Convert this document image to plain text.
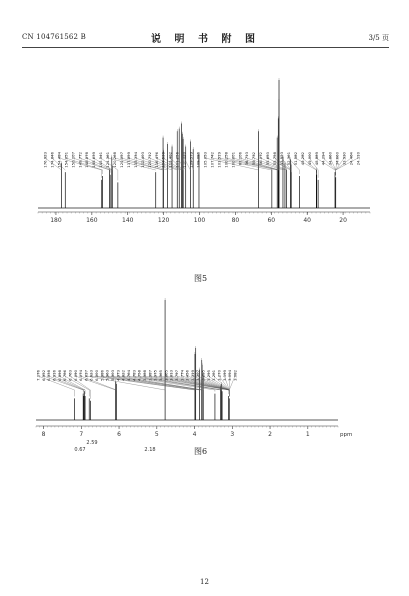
CN 104761562 B	说 明 书 附 图	3/5 页
180	160	140	120	100	80	60	40	20
176.923 174.846 154.484 154.051 150.107 149.772 148.878 148.639 145.541 124.361 120.268 120.057 117.859 115.334 112.403 120.712 116.476 114.539 113.402 111.256 110.120 109.579 109.086 105.053 107.742 103.519 100.258 100.001 67.106 56.713 59.732 56.072 55.653 55.758 53.523 52.361 51.582 49.282 49.000 48.889 44.294 34.860 34.660 33.930 24.464 24.110
图5
8	7	6	5	4	3	2	1	ppm
7.176 6.952 6.938 6.916 6.898 6.786 6.763 6.090 6.074 6.637 6.623 6.000 5.986 5.963 5.903 4.973 4.822 4.764 4.783 4.758 3.988 3.987 3.975 3.965 3.865 3.813 3.797 3.774 3.456 3.319 3.307 3.295 3.295 3.281 3.270 3.199 3.094 3.082
2.59
0.67	2.18	图6
12
